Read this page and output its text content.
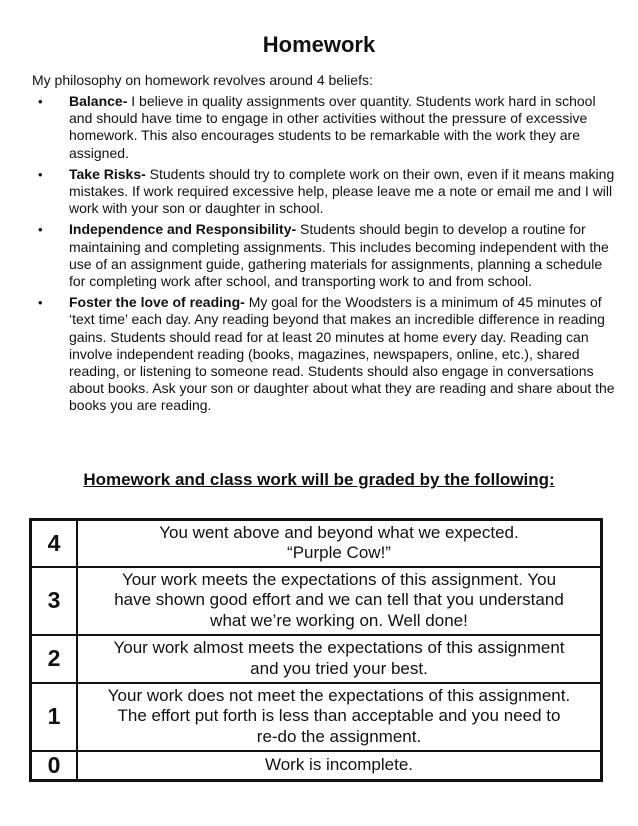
Homework
My philosophy on homework revolves around 4 beliefs:
•	Balance- I believe in quality assignments over quantity. Students work hard in school and should have time to engage in other activities without the pressure of excessive homework. This also encourages students to be remarkable with the work they are assigned.
•	Take Risks- Students should try to complete work on their own, even if it means making mistakes. If work required excessive help, please leave me a note or email me and I will work with your son or daughter in school.
•	Independence and Responsibility- Students should begin to develop a routine for maintaining and completing assignments. This includes becoming independent with the use of an assignment guide, gathering materials for assignments, planning a schedule for completing work after school, and transporting work to and from school.
•	Foster the love of reading- My goal for the Woodsters is a minimum of 45 minutes of ‘text time’ each day. Any reading beyond that makes an incredible difference in reading gains. Students should read for at least 20 minutes at home every day. Reading can involve independent reading (books, magazines, newspapers, online, etc.), shared reading, or listening to someone read. Students should also engage in conversations about books. Ask your son or daughter about what they are reading and share about the books you are reading.
Homework and class work will be graded by the following:
4	You went above and beyond what we expected.
“Purple Cow!”

3	Your work meets the expectations of this assignment. You
have shown good effort and we can tell that you understand
what we’re working on. Well done!

2	Your work almost meets the expectations of this assignment
and you tried your best.

1	Your work does not meet the expectations of this assignment.
The effort put forth is less than acceptable and you need to
re-do the assignment.

0	Work is incomplete.
